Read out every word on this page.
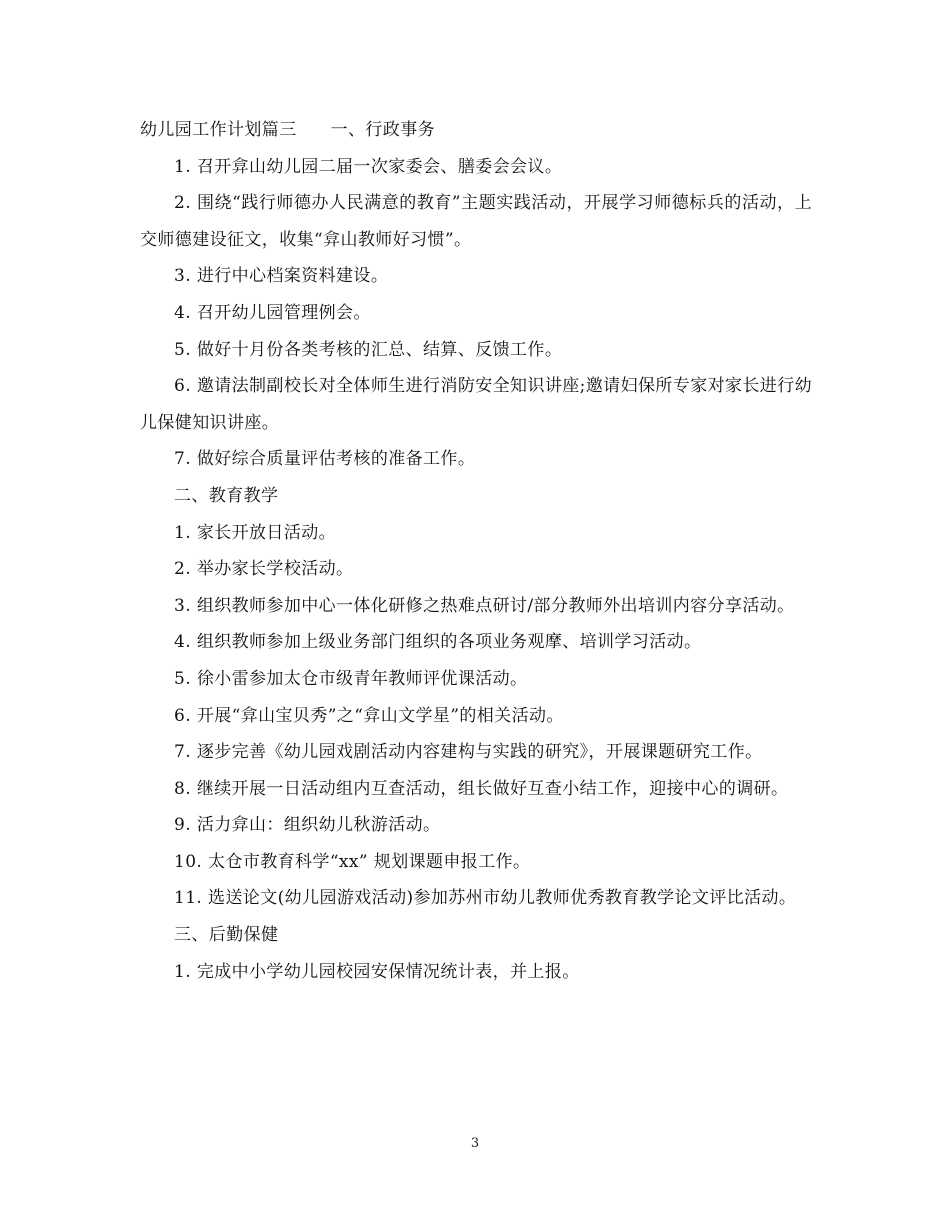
幼儿园工作计划篇三 一、行政事务

1. 召开弇山幼儿园二届一次家委会、膳委会会议。

2. 围绕“践行师德办人民满意的教育”主题实践活动，开展学习师德标兵的活动，上交师德建设征文，收集“弇山教师好习惯”。

3. 进行中心档案资料建设。

4. 召开幼儿园管理例会。

5. 做好十月份各类考核的汇总、结算、反馈工作。

6. 邀请法制副校长对全体师生进行消防安全知识讲座;邀请妇保所专家对家长进行幼儿保健知识讲座。

7. 做好综合质量评估考核的准备工作。

二、教育教学

1. 家长开放日活动。

2. 举办家长学校活动。

3. 组织教师参加中心一体化研修之热难点研讨/部分教师外出培训内容分享活动。

4. 组织教师参加上级业务部门组织的各项业务观摩、培训学习活动。

5. 徐小雷参加太仓市级青年教师评优课活动。

6. 开展“弇山宝贝秀”之“弇山文学星”的相关活动。

7. 逐步完善《幼儿园戏剧活动内容建构与实践的研究》，开展课题研究工作。

8. 继续开展一日活动组内互查活动，组长做好互查小结工作，迎接中心的调研。

9. 活力弇山：组织幼儿秋游活动。

10. 太仓市教育科学“xx” 规划课题申报工作。

11. 选送论文(幼儿园游戏活动)参加苏州市幼儿教师优秀教育教学论文评比活动。

三、后勤保健

1. 完成中小学幼儿园校园安保情况统计表，并上报。

3
